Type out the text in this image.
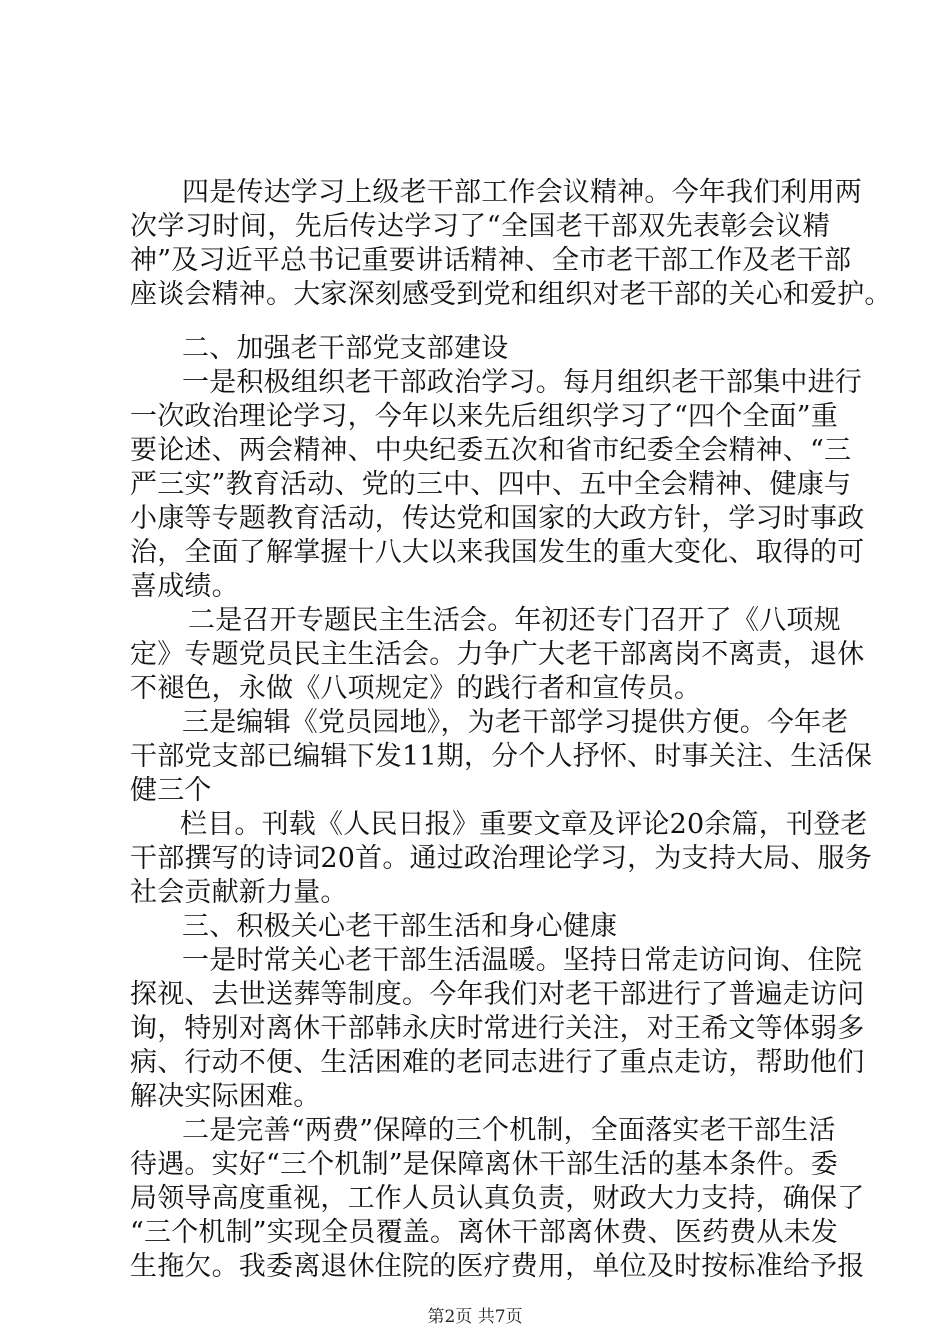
四是传达学习上级老干部工作会议精神。今年我们利用两
次学习时间，先后传达学习了“全国老干部双先表彰会议精
神”及习近平总书记重要讲话精神、全市老干部工作及老干部
座谈会精神。大家深刻感受到党和组织对老干部的关心和爱护。
二、加强老干部党支部建设
一是积极组织老干部政治学习。每月组织老干部集中进行
一次政治理论学习，今年以来先后组织学习了“四个全面”重
要论述、两会精神、中央纪委五次和省市纪委全会精神、“三
严三实”教育活动、党的三中、四中、五中全会精神、健康与
小康等专题教育活动，传达党和国家的大政方针，学习时事政
治，全面了解掌握十八大以来我国发生的重大变化、取得的可
喜成绩。
二是召开专题民主生活会。年初还专门召开了《八项规
定》专题党员民主生活会。力争广大老干部离岗不离责，退休
不褪色，永做《八项规定》的践行者和宣传员。
三是编辑《党员园地》，为老干部学习提供方便。今年老
干部党支部已编辑下发11期，分个人抒怀、时事关注、生活保
健三个
栏目。刊载《人民日报》重要文章及评论20余篇，刊登老
干部撰写的诗词20首。通过政治理论学习，为支持大局、服务
社会贡献新力量。
三、积极关心老干部生活和身心健康
一是时常关心老干部生活温暖。坚持日常走访问询、住院
探视、去世送葬等制度。今年我们对老干部进行了普遍走访问
询，特别对离休干部韩永庆时常进行关注，对王希文等体弱多
病、行动不便、生活困难的老同志进行了重点走访，帮助他们
解决实际困难。
二是完善“两费”保障的三个机制，全面落实老干部生活
待遇。实好“三个机制”是保障离休干部生活的基本条件。委
局领导高度重视，工作人员认真负责，财政大力支持，确保了
“三个机制”实现全员覆盖。离休干部离休费、医药费从未发
生拖欠。我委离退休住院的医疗费用，单位及时按标准给予报
第2页 共7页
